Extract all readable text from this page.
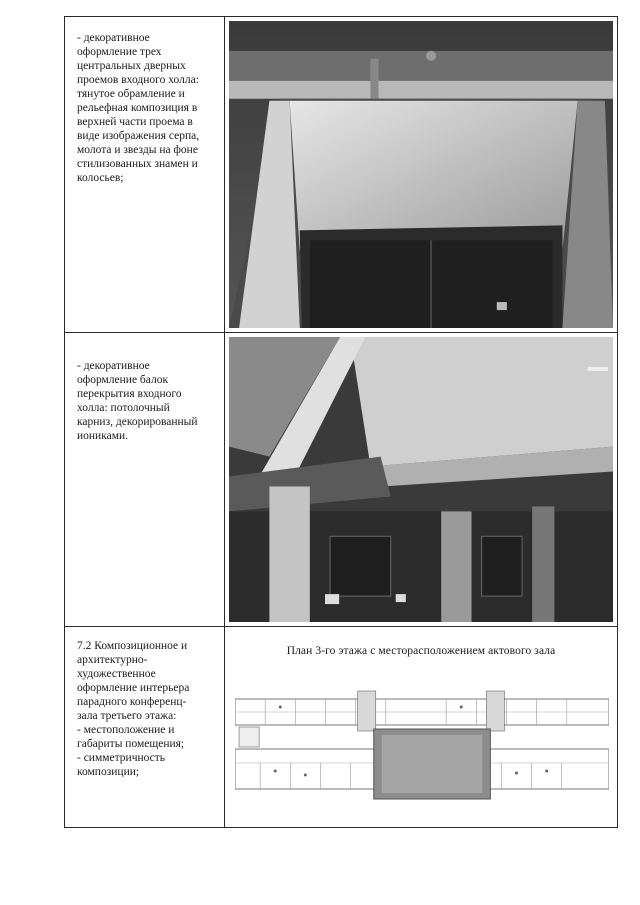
- декоративное
оформление трех
центральных дверных
проемов входного холла:
тянутое обрамление и
рельефная композиция в
верхней части проема в
виде изображения серпа,
молота и звезды на фоне
стилизованных знамен и
колосьев;
- декоративное
оформление балок
перекрытия входного
холла: потолочный
карниз, декорированный
иониками.
7.2 Композиционное и
архитектурно-
художественное
оформление интерьера
парадного конференц-
зала третьего этажа:
- местоположение и
габариты помещения;
- симметричность
композиции;
План 3-го этажа с месторасположением актового зала
